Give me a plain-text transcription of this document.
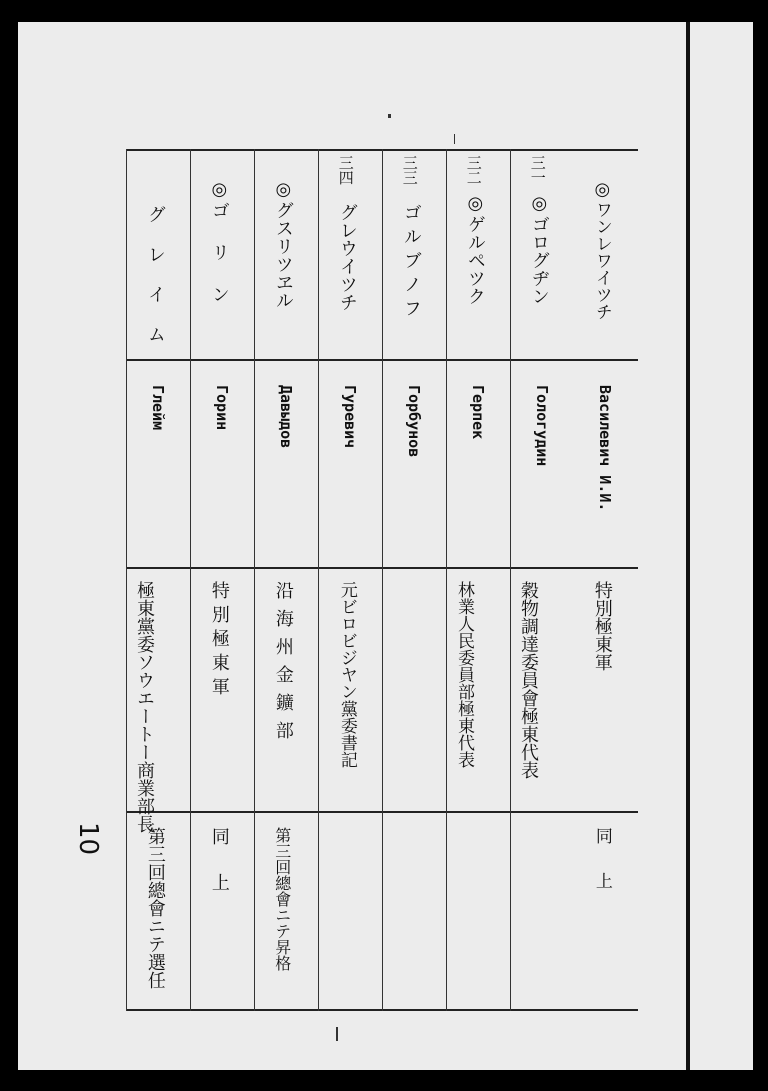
◎
ワンレワイツチ
Василевич И.И.
特別極東軍
同上
三一
◎
ゴログヂン
Гологудин
穀物調達委員會極東代表
三二
◎
ゲルペツク
Герпек
林業人民委員部極東代表
三三
ゴルブノフ
Горбунов
三四
グレウイツチ
Гуревич
元ビロビジヤン黨委書記
◎
グスリツヱル
Давыдов
沿海州金鑛部
第三回總會ニテ昇格
◎
ゴリン
Горин
特別極東軍
同上
グレイム
Глейм
極東黨委ソウエートー商業部長
第三回總會ニテ選任
10
